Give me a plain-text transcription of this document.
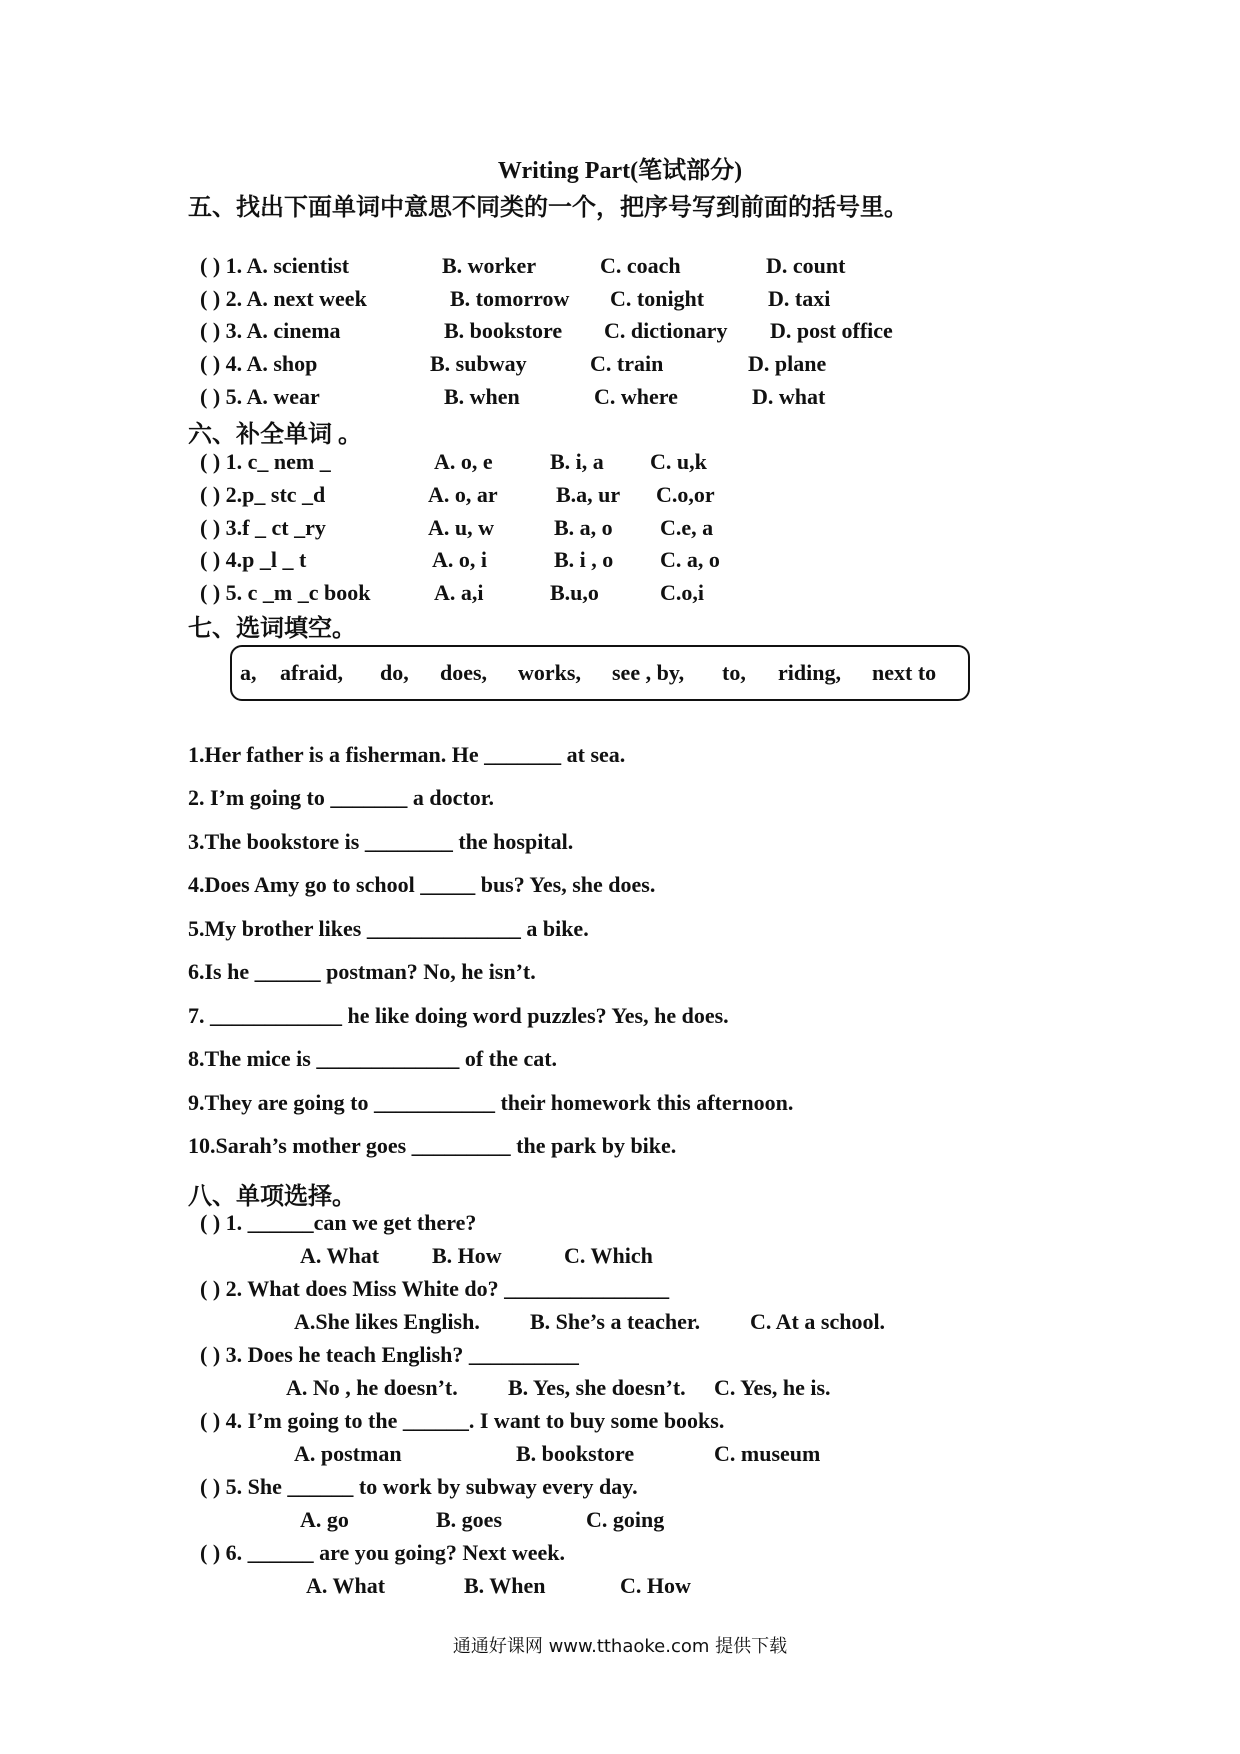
Writing Part(笔试部分)
五、找出下面单词中意思不同类的一个，把序号写到前面的括号里。
( ) 1. A. scientist	B. worker	C. coach	D. count
( ) 2. A. next week	B. tomorrow C. tonight	D. taxi
( ) 3. A. cinema	B. bookstore C. dictionary D. post office
( ) 4. A. shop	B. subway	C. train	D. plane
( ) 5. A. wear	B. when	C. where	D. what
六、补全单词 。
( ) 1. c_ nem _	A. o, e	B. i, a C. u,k
( ) 2.p_ stc _d	A. o, ar	B.a, ur C.o,or
( ) 3.f _ ct _ry	A. u, w	B. a, o C.e, a
( ) 4.p _l _ t	A. o, i	B. i , o C. a, o
( ) 5. c _m _c book	A. a,i	B.u,o	C.o,i
七、选词填空。
a, afraid, do, does, works, see , by, to, riding, next to
1.Her father is a fisherman. He _______ at sea.
2. I’m going to _______ a doctor.
3.The bookstore is ________ the hospital.
4.Does Amy go to school _____ bus? Yes, she does.
5.My brother likes ______________ a bike.
6.Is he ______ postman? No, he isn’t.
7. ____________ he like doing word puzzles? Yes, he does.
8.The mice is _____________ of the cat.
9.They are going to ___________ their homework this afternoon.
10.Sarah’s mother goes _________ the park by bike.
八、单项选择。
( ) 1. ______can we get there?
A. What B. How	C. Which
( ) 2. What does Miss White do? _______________
A.She likes English. B. She’s a teacher. C. At a school.
( ) 3. Does he teach English? __________
A. No , he doesn’t. B. Yes, she doesn’t. C. Yes, he is.
( ) 4. I’m going to the ______. I want to buy some books.
A. postman	B. bookstore	C. museum
( ) 5. She ______ to work by subway every day.
A. go	B. goes	C. going
( ) 6. ______ are you going? Next week.
A. What	B. When	C. How
通通好课网 www.tthaoke.com 提供下载
